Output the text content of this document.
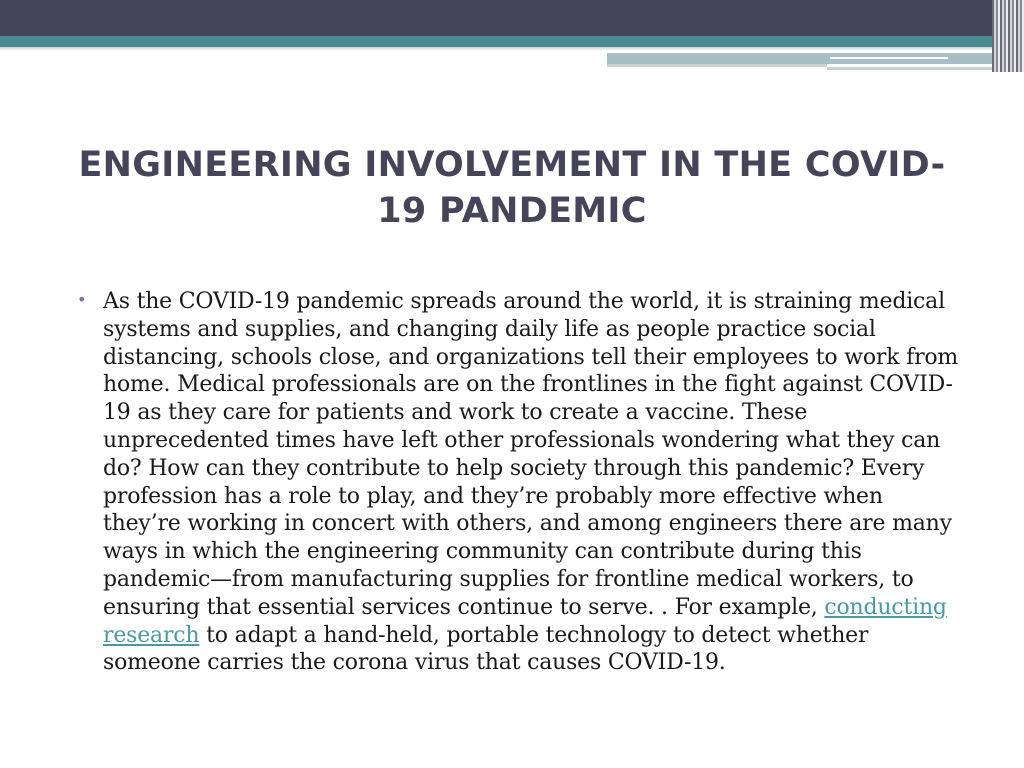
ENGINEERING INVOLVEMENT IN THE COVID-
19 PANDEMIC
• As the COVID-19 pandemic spreads around the world, it is straining medical systems and supplies, and changing daily life as people practice social distancing, schools close, and organizations tell their employees to work from home. Medical professionals are on the frontlines in the fight against COVID-19 as they care for patients and work to create a vaccine. These unprecedented times have left other professionals wondering what they can do? How can they contribute to help society through this pandemic? Every profession has a role to play, and they’re probably more effective when they’re working in concert with others, and among engineers there are many ways in which the engineering community can contribute during this pandemic—from manufacturing supplies for frontline medical workers, to ensuring that essential services continue to serve. . For example, conducting research to adapt a hand-held, portable technology to detect whether someone carries the corona virus that causes COVID-19.
